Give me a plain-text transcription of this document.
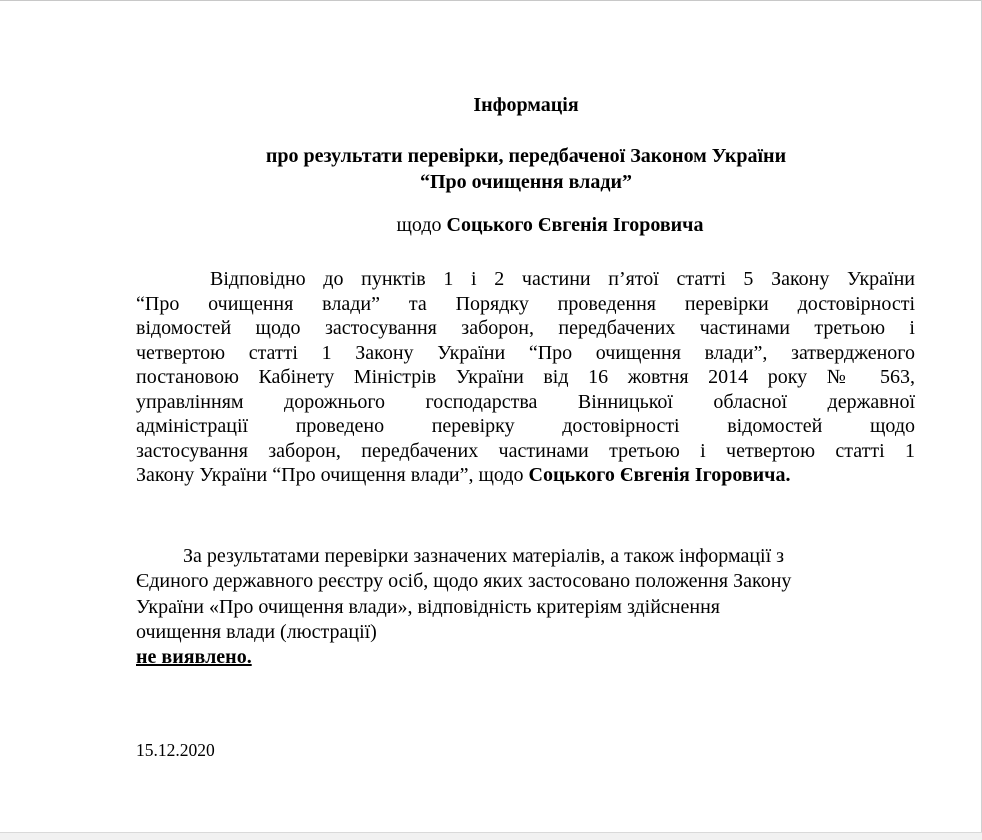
Інформація
про результати перевірки, передбаченої Законом України
“Про очищення влади”
щодо Соцького Євгенія Ігоровича
Відповідно до пунктів 1 і 2 частини п’ятої статті 5 Закону України
“Про очищення влади” та Порядку проведення перевірки достовірності
відомостей щодо застосування заборон, передбачених частинами третьою і
четвертою статті 1 Закону України “Про очищення влади”, затвердженого
постановою Кабінету Міністрів України від 16 жовтня 2014 року № 563,
управлінням дорожнього господарства Вінницької обласної державної
адміністрації проведено перевірку достовірності відомостей щодо
застосування заборон, передбачених частинами третьою і четвертою статті 1
Закону України “Про очищення влади”, щодо Соцького Євгенія Ігоровича.
За результатами перевірки зазначених матеріалів, а також інформації з
Єдиного державного реєстру осіб, щодо яких застосовано положення Закону
України «Про очищення влади», відповідність критеріям здійснення
очищення влади (люстрації)
не виявлено.
15.12.2020
